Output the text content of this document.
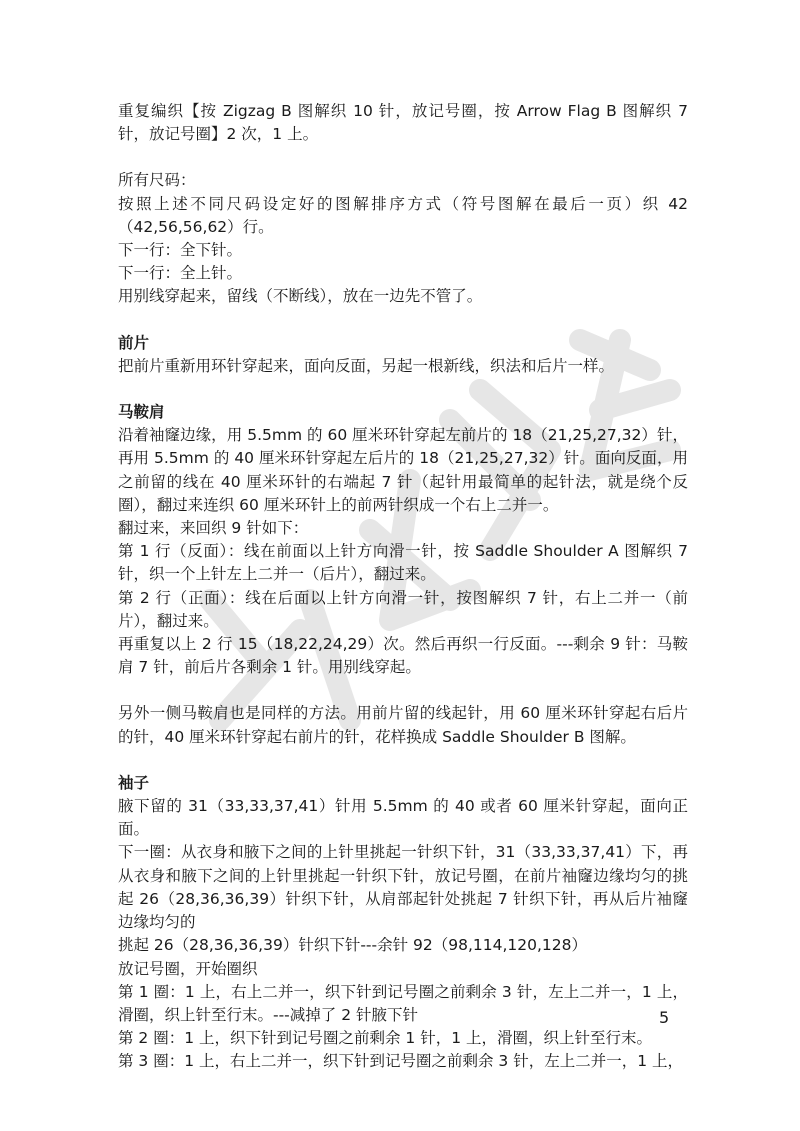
重复编织【按 Zigzag B 图解织 10 针，放记号圈，按 Arrow Flag B 图解织 7 针，放记号圈】2 次，1 上。

所有尺码：

按照上述不同尺码设定好的图解排序方式（符号图解在最后一页）织 42（42,56,56,62）行。

下一行：全下针。

下一行：全上针。

用别线穿起来，留线（不断线），放在一边先不管了。

前片

把前片重新用环针穿起来，面向反面，另起一根新线，织法和后片一样。

马鞍肩

沿着袖窿边缘，用 5.5mm 的 60 厘米环针穿起左前片的 18（21,25,27,32）针，再用 5.5mm 的 40 厘米环针穿起左后片的 18（21,25,27,32）针。面向反面，用之前留的线在 40 厘米环针的右端起 7 针（起针用最简单的起针法，就是绕个反圈），翻过来连织 60 厘米环针上的前两针织成一个右上二并一。

翻过来，来回织 9 针如下：

第 1 行（反面）：线在前面以上针方向滑一针，按 Saddle Shoulder A 图解织 7 针，织一个上针左上二并一（后片），翻过来。

第 2 行（正面）：线在后面以上针方向滑一针，按图解织 7 针，右上二并一（前片），翻过来。

再重复以上 2 行 15（18,22,24,29）次。然后再织一行反面。---剩余 9 针：马鞍肩 7 针，前后片各剩余 1 针。用别线穿起。

另外一侧马鞍肩也是同样的方法。用前片留的线起针，用 60 厘米环针穿起右后片的针，40 厘米环针穿起右前片的针，花样换成 Saddle Shoulder B 图解。

袖子

腋下留的 31（33,33,37,41）针用 5.5mm 的 40 或者 60 厘米针穿起，面向正面。

下一圈：从衣身和腋下之间的上针里挑起一针织下针，31（33,33,37,41）下，再从衣身和腋下之间的上针里挑起一针织下针，放记号圈，在前片袖窿边缘均匀的挑起 26（28,36,36,39）针织下针，从肩部起针处挑起 7 针织下针，再从后片袖窿边缘均匀的

挑起 26（28,36,36,39）针织下针---余针 92（98,114,120,128）

放记号圈，开始圈织

第 1 圈：1 上，右上二并一，织下针到记号圈之前剩余 3 针，左上二并一，1 上，滑圈，织上针至行末。---减掉了 2 针腋下针

第 2 圈：1 上，织下针到记号圈之前剩余 1 针，1 上，滑圈，织上针至行末。

第 3 圈：1 上，右上二并一，织下针到记号圈之前剩余 3 针，左上二并一，1 上，

5
